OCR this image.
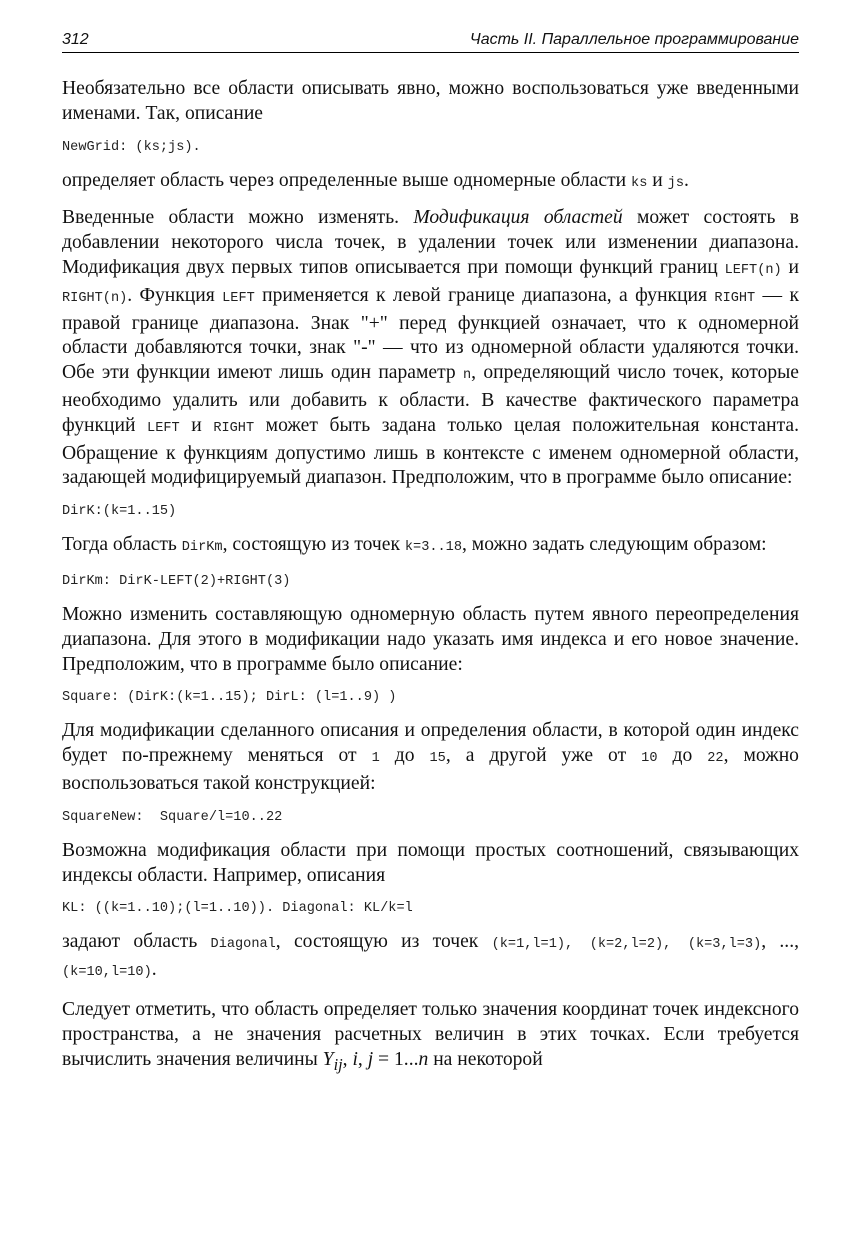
312	Часть II. Параллельное программирование

Необязательно все области описывать явно, можно воспользоваться уже введенными именами. Так, описание

NewGrid: (ks;js).

определяет область через определенные выше одномерные области ks и js.

Введенные области можно изменять. Модификация областей может состоять в добавлении некоторого числа точек, в удалении точек или изменении диапазона. Модификация двух первых типов описывается при помощи функций границ LEFT(n) и RIGHT(n). Функция LEFT применяется к левой границе диапазона, а функция RIGHT — к правой границе диапазона. Знак "+" перед функцией означает, что к одномерной области добавляются точки, знак "-" — что из одномерной области удаляются точки. Обе эти функции имеют лишь один параметр n, определяющий число точек, которые необходимо удалить или добавить к области. В качестве фактического параметра функций LEFT и RIGHT может быть задана только целая положительная константа. Обращение к функциям допустимо лишь в контексте с именем одномерной области, задающей модифицируемый диапазон. Предположим, что в программе было описание:

DirK:(k=1..15)

Тогда область DirKm, состоящую из точек k=3..18, можно задать следующим образом:

DirKm: DirK-LEFT(2)+RIGHT(3)

Можно изменить составляющую одномерную область путем явного переопределения диапазона. Для этого в модификации надо указать имя индекса и его новое значение. Предположим, что в программе было описание:

Square: (DirK:(k=1..15); DirL: (l=1..9) )

Для модификации сделанного описания и определения области, в которой один индекс будет по-прежнему меняться от 1 до 15, а другой уже от 10 до 22, можно воспользоваться такой конструкцией:

SquareNew:  Square/l=10..22

Возможна модификация области при помощи простых соотношений, связывающих индексы области. Например, описания

KL: ((k=1..10);(l=1..10)). Diagonal: KL/k=l

задают область Diagonal, состоящую из точек (k=1,l=1), (k=2,l=2), (k=3,l=3), ..., (k=10,l=10).

Следует отметить, что область определяет только значения координат точек индексного пространства, а не значения расчетных величин в этих точках. Если требуется вычислить значения величины $Y_{ij}$, i, j = 1...n на некоторой
